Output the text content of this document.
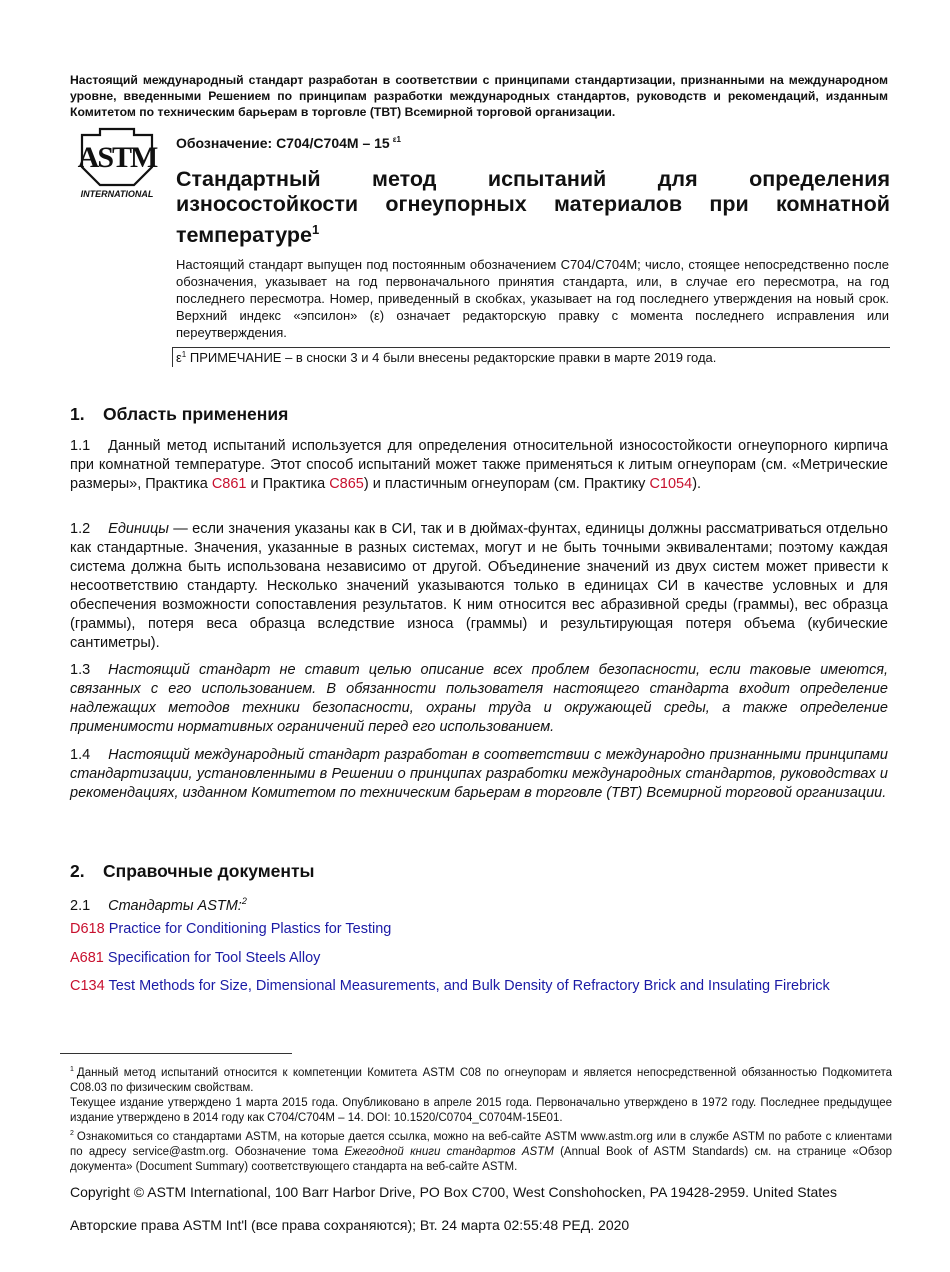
Настоящий международный стандарт разработан в соответствии с принципами стандартизации, признанными на международном уровне, введенными Решением по принципам разработки международных стандартов, руководств и рекомендаций, изданным Комитетом по техническим барьерам в торговле (ТВТ) Всемирной торговой организации.
ASTM
INTERNATIONAL
Обозначение: C704/C704M – 15 $^{\varepsilon 1}$
Стандартный метод испытаний для определения
износостойкости огнеупорных материалов при комнатной
температуре$^1$
Настоящий стандарт выпущен под постоянным обозначением C704/C704M; число, стоящее непосредственно после обозначения, указывает на год первоначального принятия стандарта, или, в случае его пересмотра, на год последнего пересмотра. Номер, приведенный в скобках, указывает на год последнего утверждения на новый срок. Верхний индекс «эпсилон» (ε) означает редакторскую правку с момента последнего исправления или переутверждения.
$\varepsilon^1$ ПРИМЕЧАНИЕ – в сноски 3 и 4 были внесены редакторские правки в марте 2019 года.
1. Область применения
1.1 Данный метод испытаний используется для определения относительной износостойкости огнеупорного кирпича при комнатной температуре. Этот способ испытаний может также применяться к литым огнеупорам (см. «Метрические размеры», Практика C861 и Практика C865) и пластичным огнеупорам (см. Практику C1054).
1.2 Единицы — если значения указаны как в СИ, так и в дюймах-фунтах, единицы должны рассматриваться отдельно как стандартные. Значения, указанные в разных системах, могут и не быть точными эквивалентами; поэтому каждая система должна быть использована независимо от другой. Объединение значений из двух систем может привести к несоответствию стандарту. Несколько значений указываются только в единицах СИ в качестве условных и для обеспечения возможности сопоставления результатов. К ним относится вес абразивной среды (граммы), вес образца (граммы), потеря веса образца вследствие износа (граммы) и результирующая потеря объема (кубические сантиметры).
1.3 Настоящий стандарт не ставит целью описание всех проблем безопасности, если таковые имеются, связанных с его использованием. В обязанности пользователя настоящего стандарта входит определение надлежащих методов техники безопасности, охраны труда и окружающей среды, а также определение применимости нормативных ограничений перед его использованием.
1.4 Настоящий международный стандарт разработан в соответствии с международно признанными принципами стандартизации, установленными в Решении о принципах разработки международных стандартов, руководствах и рекомендациях, изданном Комитетом по техническим барьерам в торговле (ТВТ) Всемирной торговой организации.
2. Справочные документы
2.1 Стандарты ASTM:$^2$
D618 Practice for Conditioning Plastics for Testing
A681 Specification for Tool Steels Alloy
C134 Test Methods for Size, Dimensional Measurements, and Bulk Density of Refractory Brick and Insulating Firebrick
$^1$ Данный метод испытаний относится к компетенции Комитета ASTM C08 по огнеупорам и является непосредственной обязанностью Подкомитета C08.03 по физическим свойствам.
Текущее издание утверждено 1 марта 2015 года. Опубликовано в апреле 2015 года. Первоначально утверждено в 1972 году. Последнее предыдущее издание утверждено в 2014 году как C704/C704M – 14. DOI: 10.1520/C0704_C0704M-15E01.
$^2$ Ознакомиться со стандартами ASTM, на которые дается ссылка, можно на веб-сайте ASTM www.astm.org или в службе ASTM по работе с клиентами по адресу service@astm.org. Обозначение тома Ежегодной книги стандартов ASTM (Annual Book of ASTM Standards) см. на странице «Обзор документа» (Document Summary) соответствующего стандарта на веб-сайте ASTM.
Copyright © ASTM International, 100 Barr Harbor Drive, PO Box C700, West Conshohocken, PA 19428-2959. United States
Авторские права ASTM Int'l (все права сохраняются); Вт. 24 марта 02:55:48 РЕД. 2020
